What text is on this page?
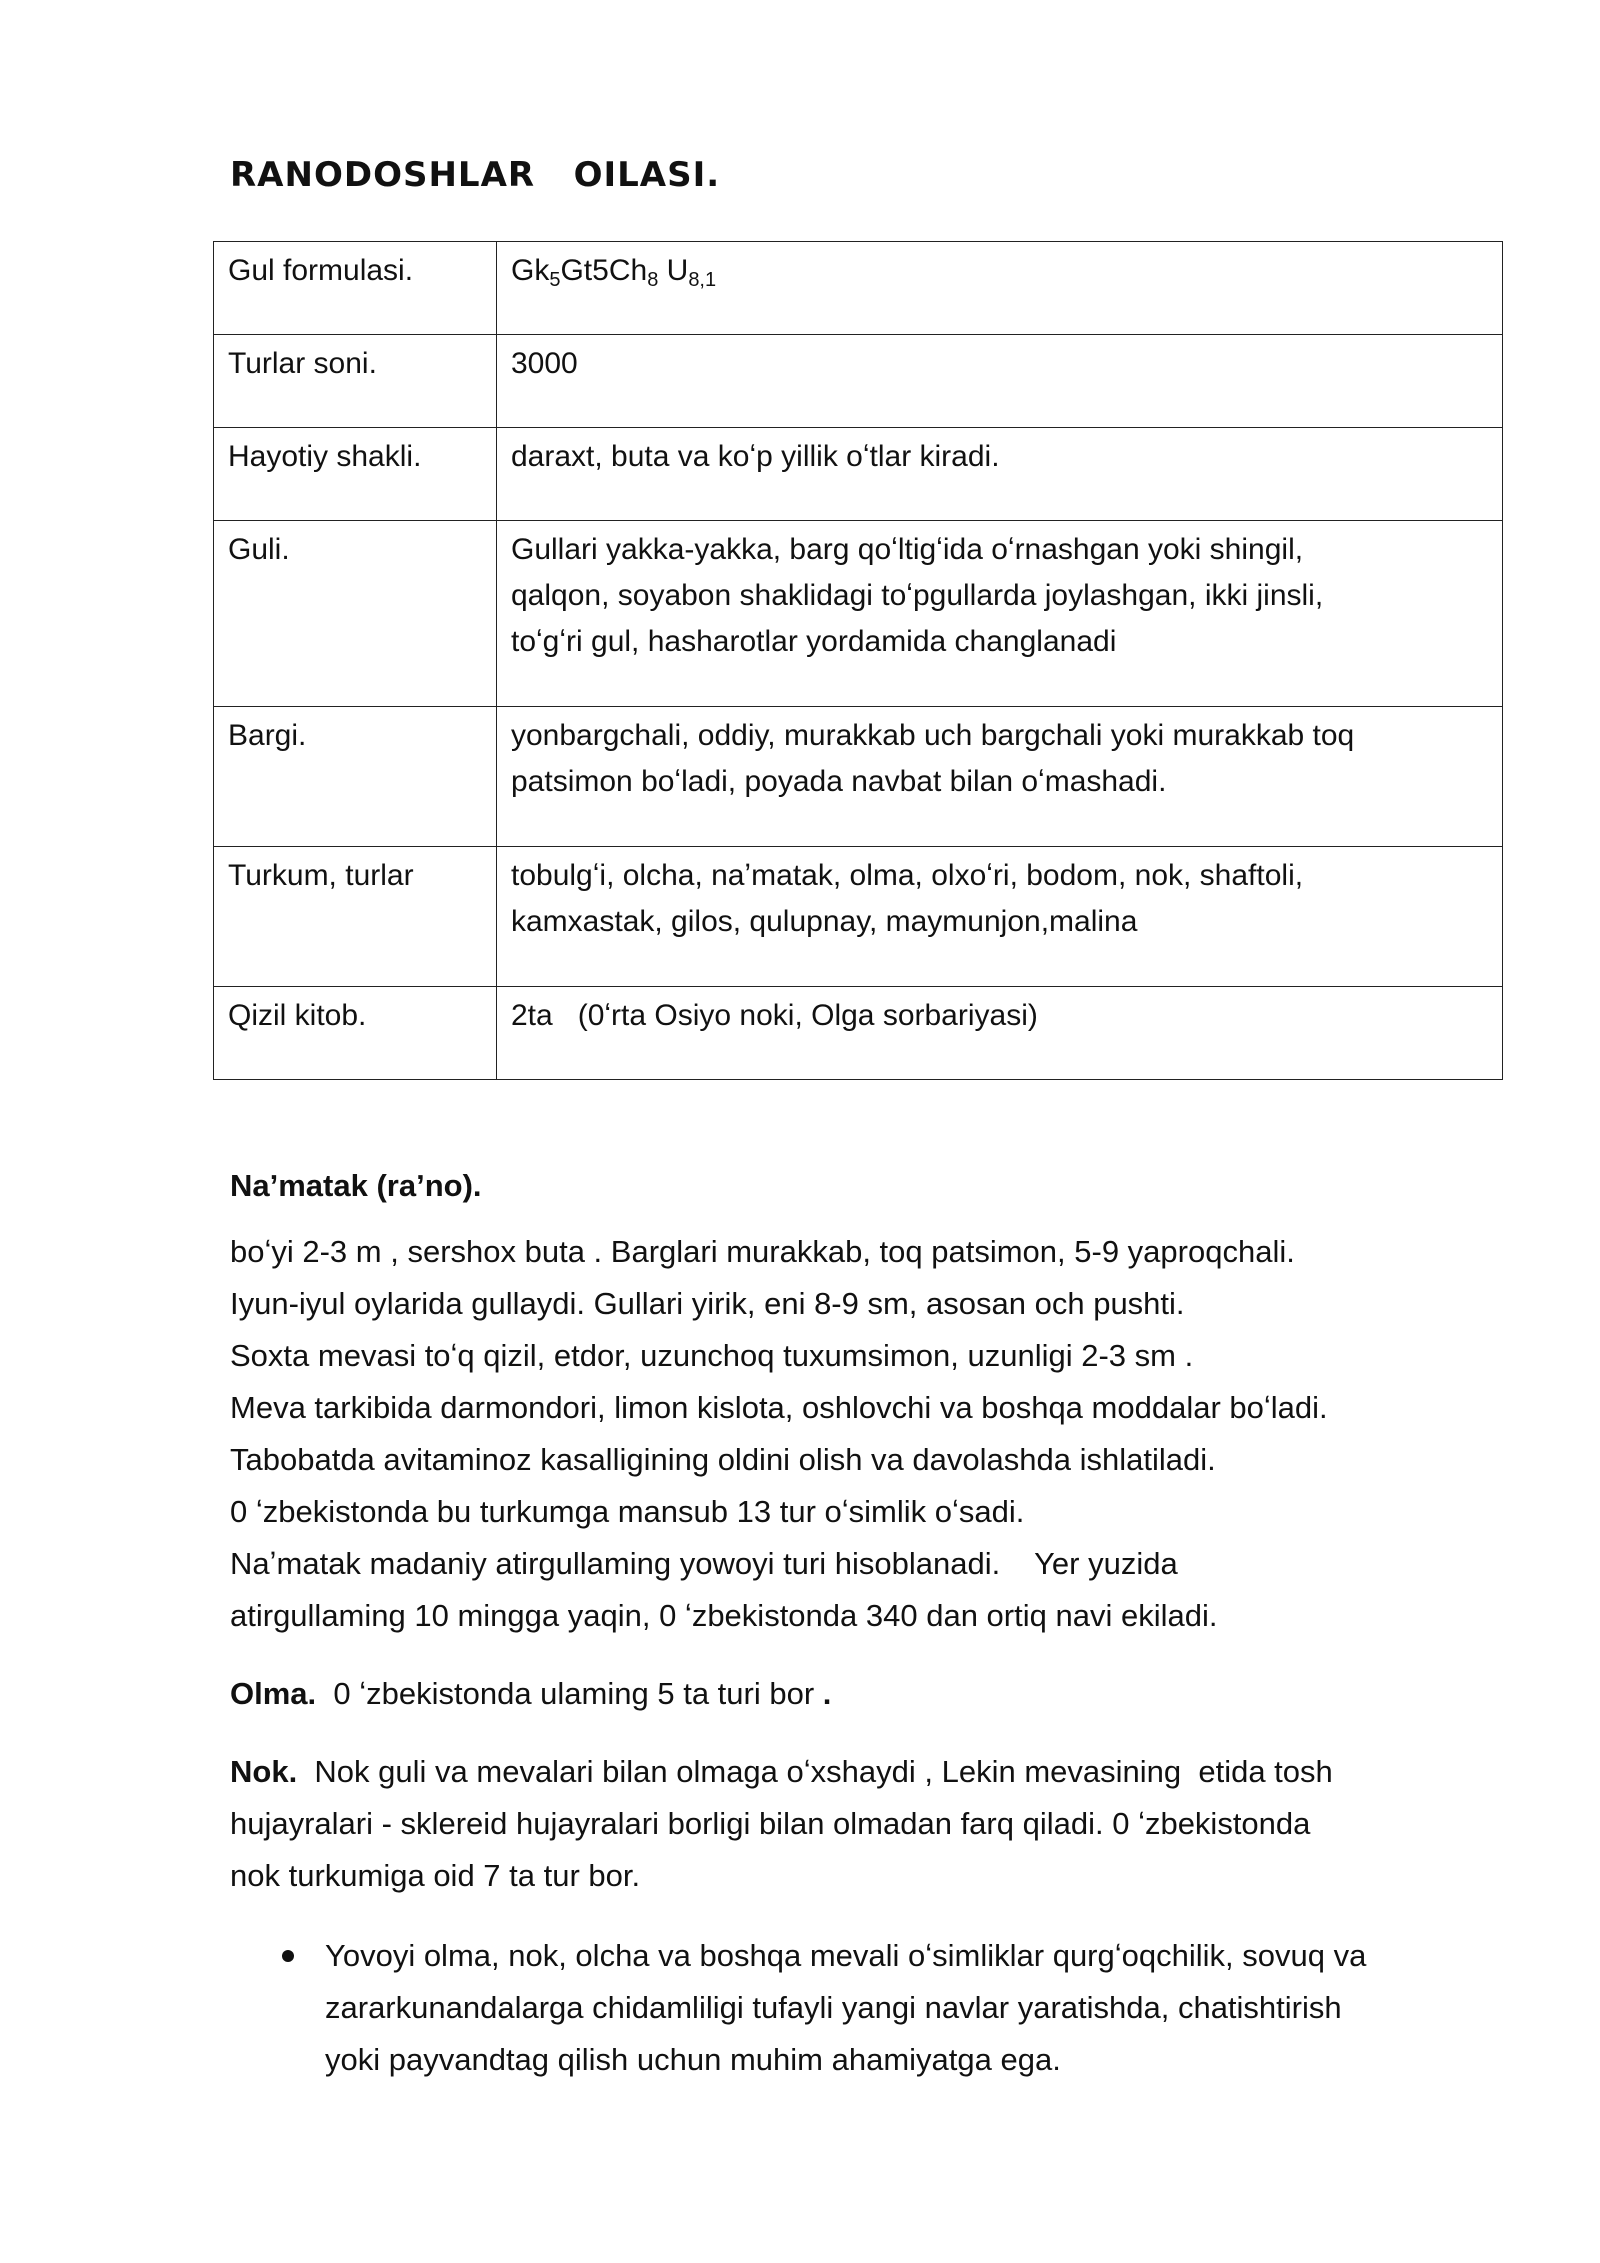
RANODOSHLAR   OILASI.
Gul formulasi.	$Gk_5Gt5Ch_8$ $U_{8,1}$
Turlar soni.	3000

Hayotiy shakli.	daraxt, buta va koʻp yillik oʻtlar kiradi.

Guli.	Gullari yakka-yakka, barg qoʻltigʻida oʻrnashgan yoki shingil,
qalqon, soyabon shaklidagi toʻpgullarda joylashgan, ikki jinsli,
toʻgʻri gul, hasharotlar yordamida changlanadi

Bargi.	yonbargchali, oddiy, murakkab uch bargchali yoki murakkab toq
patsimon boʻladi, poyada navbat bilan oʻmashadi.

Turkum, turlar	tobulgʻi, olcha, naʼmatak, olma, olxoʻri, bodom, nok, shaftoli,
kamxastak, gilos, qulupnay, maymunjon,malina

Qizil kitob.	2ta   (0ʻrta Osiyo noki, Olga sorbariyasi)
Naʼmatak (raʼno).
boʻyi 2-3 m , sershox buta . Barglari murakkab, toq patsimon, 5-9 yaproqchali.
Iyun-iyul oylarida gullaydi. Gullari yirik, eni 8-9 sm, asosan och pushti.
Soxta mevasi toʻq qizil, etdor, uzunchoq tuxumsimon, uzunligi 2-3 sm .
Meva tarkibida darmondori, limon kislota, oshlovchi va boshqa moddalar boʻladi.
Tabobatda avitaminoz kasalligining oldini olish va davolashda ishlatiladi.
0 ʻzbekistonda bu turkumga mansub 13 tur oʻsimlik oʻsadi.
Naʼmatak madaniy atirgullaming yowoyi turi hisoblanadi.    Yer yuzida
atirgullaming 10 mingga yaqin, 0 ʻzbekistonda 340 dan ortiq navi ekiladi.
Olma.  0 ʻzbekistonda ulaming 5 ta turi bor .
Nok.  Nok guli va mevalari bilan olmaga oʻxshaydi , Lekin mevasining  etida tosh
hujayralari - sklereid hujayralari borligi bilan olmadan farq qiladi. 0 ʻzbekistonda
nok turkumiga oid 7 ta tur bor.
Yovoyi olma, nok, olcha va boshqa mevali oʻsimliklar qurgʻoqchilik, sovuq va
zararkunandalarga chidamliligi tufayli yangi navlar yaratishda, chatishtirish
yoki payvandtag qilish uchun muhim ahamiyatga ega.
